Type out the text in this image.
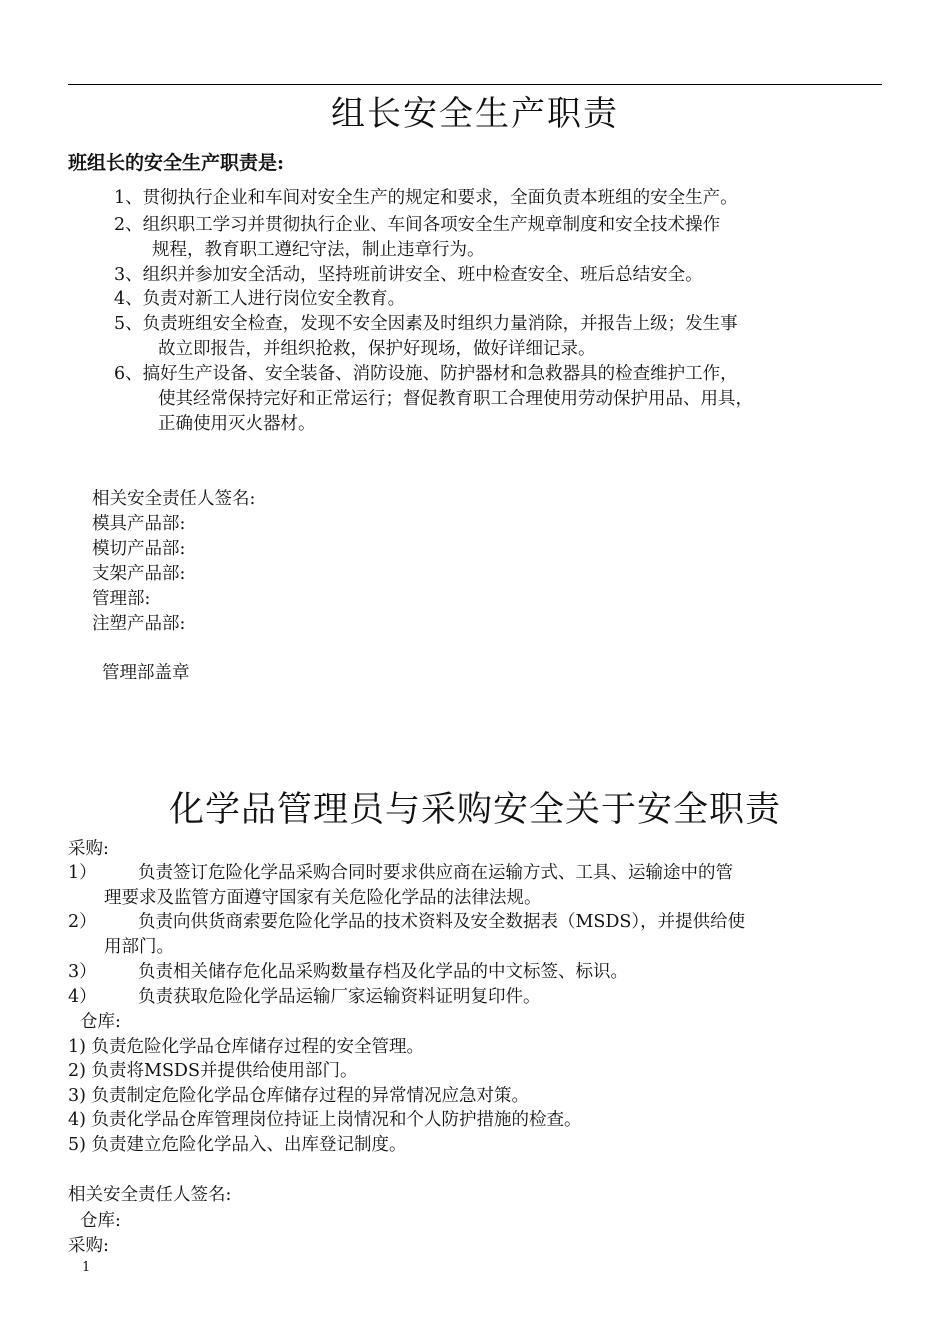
组长安全生产职责
班组长的安全生产职责是:
1、贯彻执行企业和车间对安全生产的规定和要求，全面负责本班组的安全生产。
2、组织职工学习并贯彻执行企业、车间各项安全生产规章制度和安全技术操作
规程，教育职工遵纪守法，制止违章行为。
3、组织并参加安全活动，坚持班前讲安全、班中检查安全、班后总结安全。
4、负责对新工人进行岗位安全教育。
5、负责班组安全检查，发现不安全因素及时组织力量消除，并报告上级；发生事
故立即报告，并组织抢救，保护好现场，做好详细记录。
6、搞好生产设备、安全装备、消防设施、防护器材和急救器具的检查维护工作，
使其经常保持完好和正常运行；督促教育职工合理使用劳动保护用品、用具，
正确使用灭火器材。
相关安全责任人签名:
模具产品部:
模切产品部:
支架产品部:
管理部:
注塑产品部:
管理部盖章
化学品管理员与采购安全关于安全职责
采购:
1） 负责签订危险化学品采购合同时要求供应商在运输方式、工具、运输途中的管
理要求及监管方面遵守国家有关危险化学品的法律法规。
2） 负责向供货商索要危险化学品的技术资料及安全数据表（MSDS），并提供给使
用部门。
3） 负责相关储存危化品采购数量存档及化学品的中文标签、标识。
4） 负责获取危险化学品运输厂家运输资料证明复印件。
仓库:
1) 负责危险化学品仓库储存过程的安全管理。
2) 负责将MSDS并提供给使用部门。
3) 负责制定危险化学品仓库储存过程的异常情况应急对策。
4) 负责化学品仓库管理岗位持证上岗情况和个人防护措施的检查。
5) 负责建立危险化学品入、出库登记制度。
相关安全责任人签名:
仓库:
采购:
1
